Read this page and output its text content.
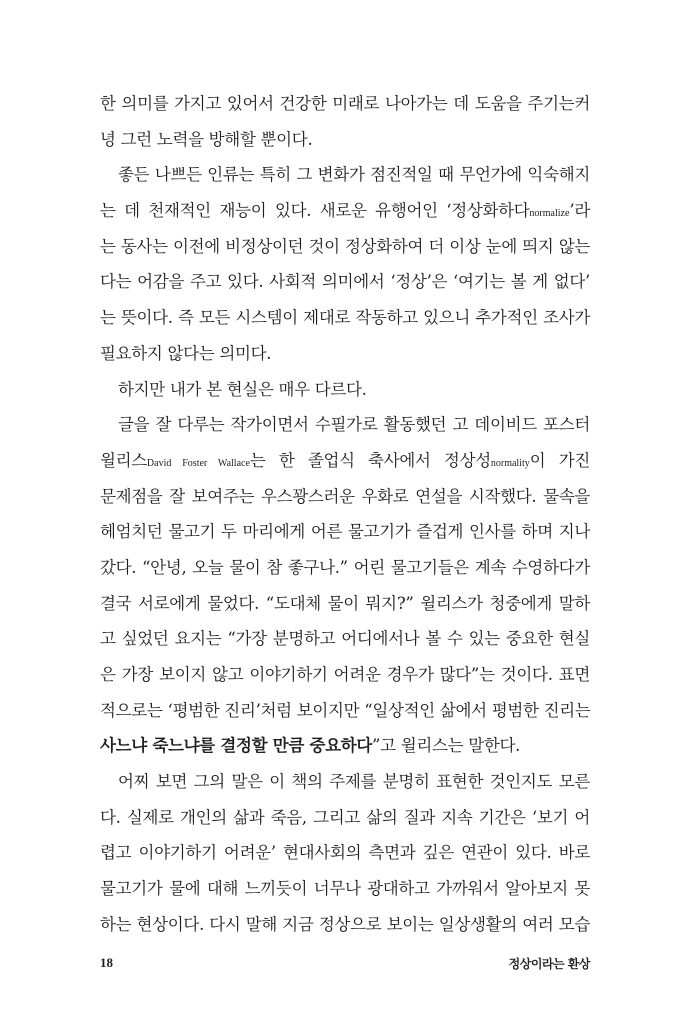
한 의미를 가지고 있어서 건강한 미래로 나아가는 데 도움을 주기는커
녕 그런 노력을 방해할 뿐이다.
좋든 나쁘든 인류는 특히 그 변화가 점진적일 때 무언가에 익숙해지
는 데 천재적인 재능이 있다. 새로운 유행어인 ‘정상화하다normalize’라
는 동사는 이전에 비정상이던 것이 정상화하여 더 이상 눈에 띄지 않는
다는 어감을 주고 있다. 사회적 의미에서 ‘정상’은 ‘여기는 볼 게 없다’
는 뜻이다. 즉 모든 시스템이 제대로 작동하고 있으니 추가적인 조사가
필요하지 않다는 의미다.
하지만 내가 본 현실은 매우 다르다.
글을 잘 다루는 작가이면서 수필가로 활동했던 고 데이비드 포스터
윌리스David Foster Wallace는 한 졸업식 축사에서 정상성normality이 가진
문제점을 잘 보여주는 우스꽝스러운 우화로 연설을 시작했다. 물속을
헤엄치던 물고기 두 마리에게 어른 물고기가 즐겁게 인사를 하며 지나
갔다. “안녕, 오늘 물이 참 좋구나.” 어린 물고기들은 계속 수영하다가
결국 서로에게 물었다. “도대체 물이 뭐지?” 윌리스가 청중에게 말하
고 싶었던 요지는 “가장 분명하고 어디에서나 볼 수 있는 중요한 현실
은 가장 보이지 않고 이야기하기 어려운 경우가 많다”는 것이다. 표면
적으로는 ‘평범한 진리’처럼 보이지만 “일상적인 삶에서 평범한 진리는
사느냐 죽느냐를 결정할 만큼 중요하다”고 윌리스는 말한다.
어찌 보면 그의 말은 이 책의 주제를 분명히 표현한 것인지도 모른
다. 실제로 개인의 삶과 죽음, 그리고 삶의 질과 지속 기간은 ‘보기 어
렵고 이야기하기 어려운’ 현대사회의 측면과 깊은 연관이 있다. 바로
물고기가 물에 대해 느끼듯이 너무나 광대하고 가까워서 알아보지 못
하는 현상이다. 다시 말해 지금 정상으로 보이는 일상생활의 여러 모습
18	정상이라는 환상
